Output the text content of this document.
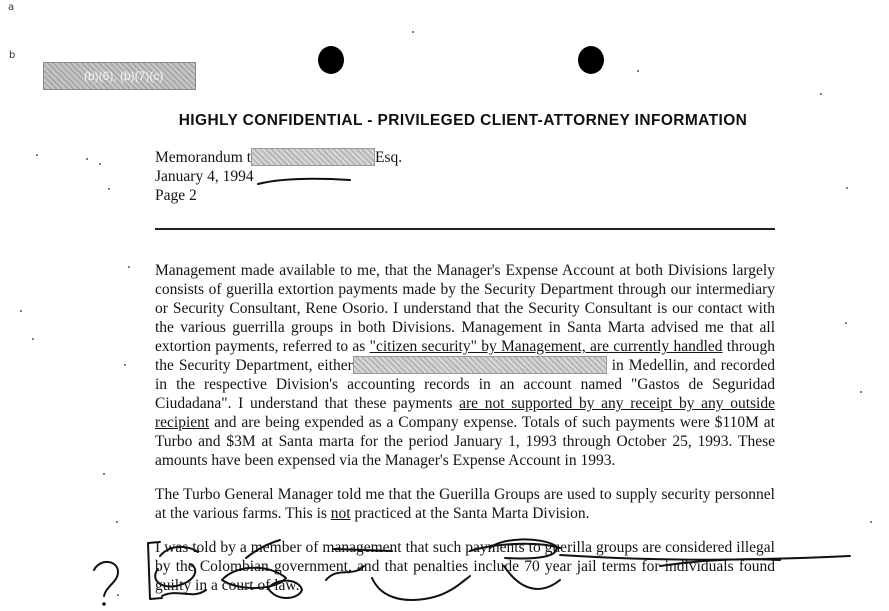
a
b
(b)(6), (b)(7)(c)
HIGHLY CONFIDENTIAL - PRIVILEGED CLIENT-ATTORNEY INFORMATION
Memorandum t	Esq.
January 4, 1994
Page 2

Management made available to me, that the Manager's Expense Account at both Divisions largely consists of guerilla extortion payments made by the Security Department through our intermediary or Security Consultant, Rene Osorio. I understand that the Security Consultant is our contact with the various guerrilla groups in both Divisions. Management in Santa Marta advised me that all extortion payments, referred to as "citizen security" by Management, are currently handled through the Security Department, either	in Medellin, and recorded in the respective Division's accounting records in an account named "Gastos de Seguridad Ciudadana". I understand that these payments are not supported by any receipt by any outside recipient and are being expended as a Company expense. Totals of such payments were $110M at Turbo and $3M at Santa marta for the period January 1, 1993 through October 25, 1993. These amounts have been expensed via the Manager's Expense Account in 1993.

The Turbo General Manager told me that the Guerilla Groups are used to supply security personnel at the various farms. This is not practiced at the Santa Marta Division.

I was told by a member of management that such payments to guerilla groups are considered illegal by the Colombian government, and that penalties include 70 year jail terms for individuals found guilty in a court of law.

?
